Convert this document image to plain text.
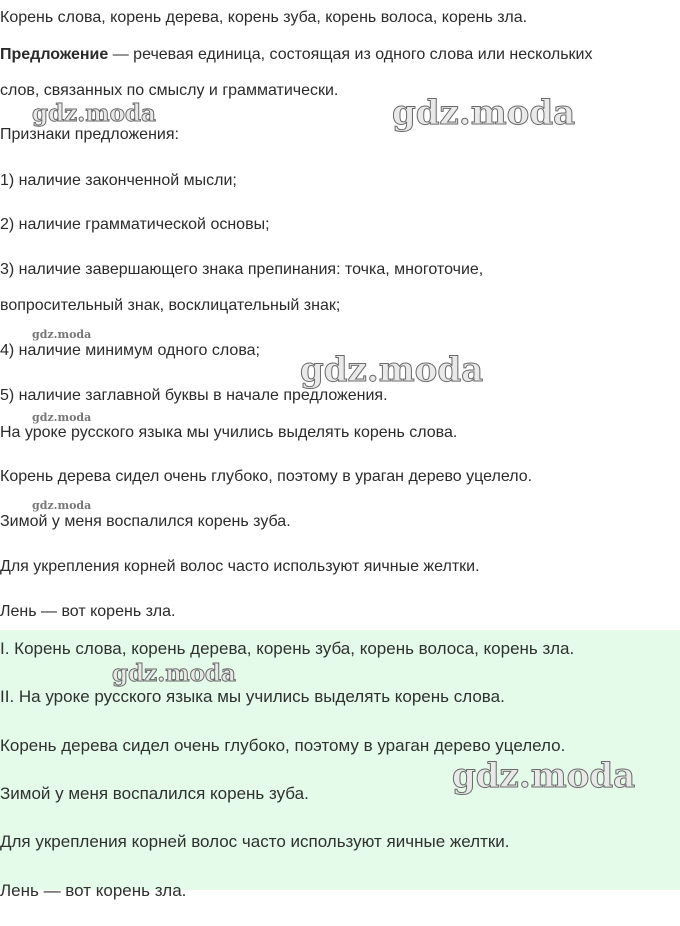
Корень слова, корень дерева, корень зуба, корень волоса, корень зла.
Предложение — речевая единица, состоящая из одного слова или нескольких
слов, связанных по смыслу и грамматически.
Признаки предложения:
1) наличие законченной мысли;
2) наличие грамматической основы;
3) наличие завершающего знака препинания: точка, многоточие,
вопросительный знак, восклицательный знак;
4) наличие минимум одного слова;
5) наличие заглавной буквы в начале предложения.
На уроке русского языка мы учились выделять корень слова.
Корень дерева сидел очень глубоко, поэтому в ураган дерево уцелело.
Зимой у меня воспалился корень зуба.
Для укрепления корней волос часто используют яичные желтки.
Лень — вот корень зла.
I. Корень слова, корень дерева, корень зуба, корень волоса, корень зла.
II. На уроке русского языка мы учились выделять корень слова.
Корень дерева сидел очень глубоко, поэтому в ураган дерево уцелело.
Зимой у меня воспалился корень зуба.
Для укрепления корней волос часто используют яичные желтки.
Лень — вот корень зла.
gdz.moda	gdz.moda
gdz.moda
gdz.moda
gdz.moda
gdz.moda
gdz.moda
gdz.moda
